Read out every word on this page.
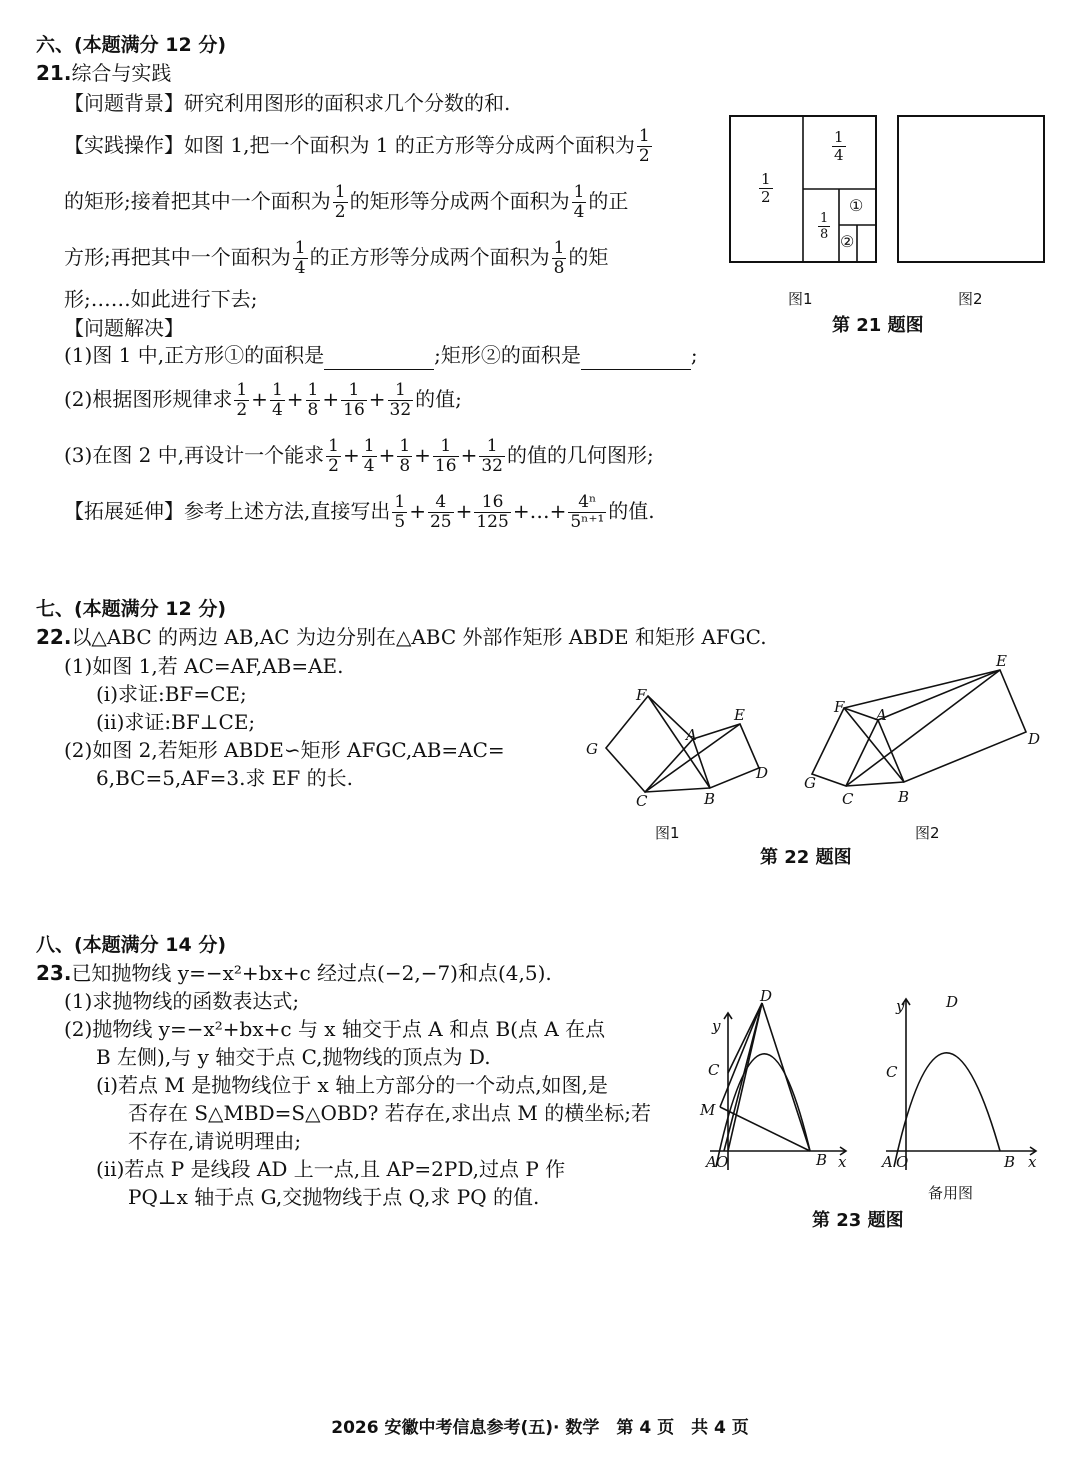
六、(本题满分 12 分)
21.综合与实践
【问题背景】研究利用图形的面积求几个分数的和.
【实践操作】如图 1,把一个面积为 1 的正方形等分成两个面积为 $\frac{1}{2}$
的矩形;接着把其中一个面积为 $\frac{1}{2}$ 的矩形等分成两个面积为 $\frac{1}{4}$ 的正
方形;再把其中一个面积为 $\frac{1}{4}$ 的正方形等分成两个面积为 $\frac{1}{8}$ 的矩
形;……如此进行下去;
【问题解决】
(1)图 1 中,正方形①的面积是	;矩形②的面积是	;
(2)根据图形规律求 $\frac{1}{2} + \frac{1}{4} + \frac{1}{8} + \frac{1}{16} + \frac{1}{32}$ 的值;
(3)在图 2 中,再设计一个能求 $\frac{1}{2} + \frac{1}{4} + \frac{1}{8} + \frac{1}{16} + \frac{1}{32}$ 的值的几何图形;
【拓展延伸】参考上述方法,直接写出 $\frac{1}{5} + \frac{4}{25} + \frac{16}{125}$ +…+ $\frac{\text{4ⁿ}}{\text{5ⁿ⁺¹}}$ 的值.
$\frac{1}{2}$
$\frac{1}{4}$
$\frac{1}{8}$
①
②
图1	图2
第 21 题图
七、(本题满分 12 分)
22.以△ABC 的两边 AB,AC 为边分别在△ABC 外部作矩形 ABDE 和矩形 AFGC.
(1)如图 1,若 AC=AF,AB=AE.
(i)求证:BF=CE;
(ii)求证:BF⊥CE;
(2)如图 2,若矩形 ABDE∽矩形 AFGC,AB=AC=
6,BC=5,AF=3.求 EF 的长.
F
G
A
E
D
C	B
F A
E
D
G
C	B
图1	图2
第 22 题图
八、(本题满分 14 分)
23.已知抛物线 y=−x²+bx+c 经过点(−2,−7)和点(4,5).
(1)求抛物线的函数表达式;
(2)抛物线 y=−x²+bx+c 与 x 轴交于点 A 和点 B(点 A 在点
B 左侧),与 y 轴交于点 C,抛物线的顶点为 D.
(i)若点 M 是抛物线位于 x 轴上方部分的一个动点,如图,是
否存在 S△MBD=S△OBD? 若存在,求出点 M 的横坐标;若
不存在,请说明理由;
(ii)若点 P 是线段 AD 上一点,且 AP=2PD,过点 P 作
PQ⊥x 轴于点 G,交抛物线于点 Q,求 PQ 的值.
D
y
C
M
A O	B x
D
y
C
A O	B x
备用图
第 23 题图
2026 安徽中考信息参考(五)· 数学　第 4 页　共 4 页
